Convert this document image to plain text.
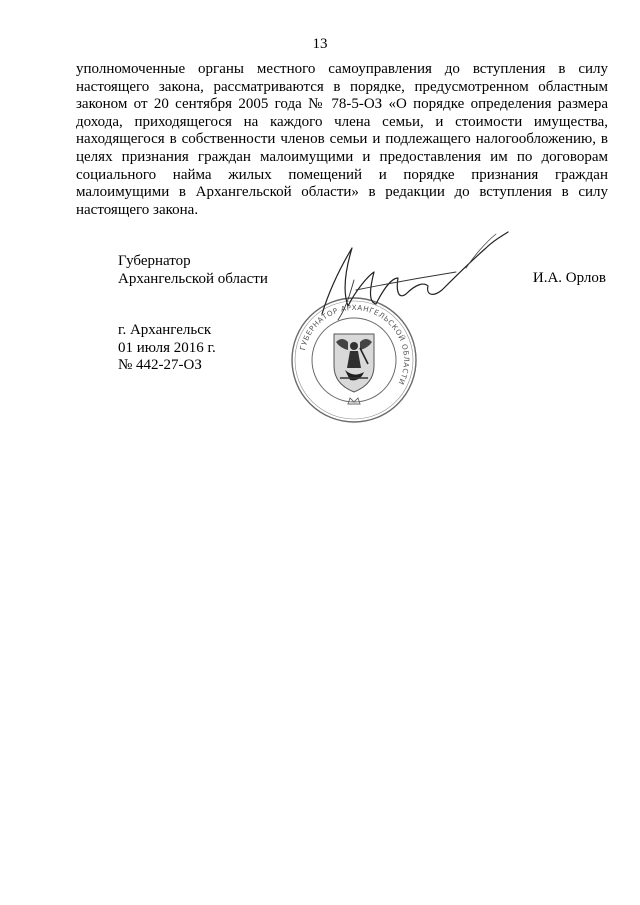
13

уполномоченные органы местного самоуправления до вступления в силу настоящего закона, рассматриваются в порядке, предусмотренном областным законом от 20 сентября 2005 года № 78-5-ОЗ «О порядке определения размера дохода, приходящегося на каждого члена семьи, и стоимости имущества, находящегося в собственности членов семьи и подлежащего налогообложению, в целях признания граждан малоимущими и предоставления им по договорам социального найма жилых помещений и порядке признания граждан малоимущими в Архангельской области» в редакции до вступления в силу настоящего закона.

Губернатор
Архангельской области	И.А. Орлов
г. Архангельск
01 июля 2016 г.
№ 442-27-ОЗ
ГУБЕРНАТОР АРХАНГЕЛЬСКОЙ ОБЛАСТИ
